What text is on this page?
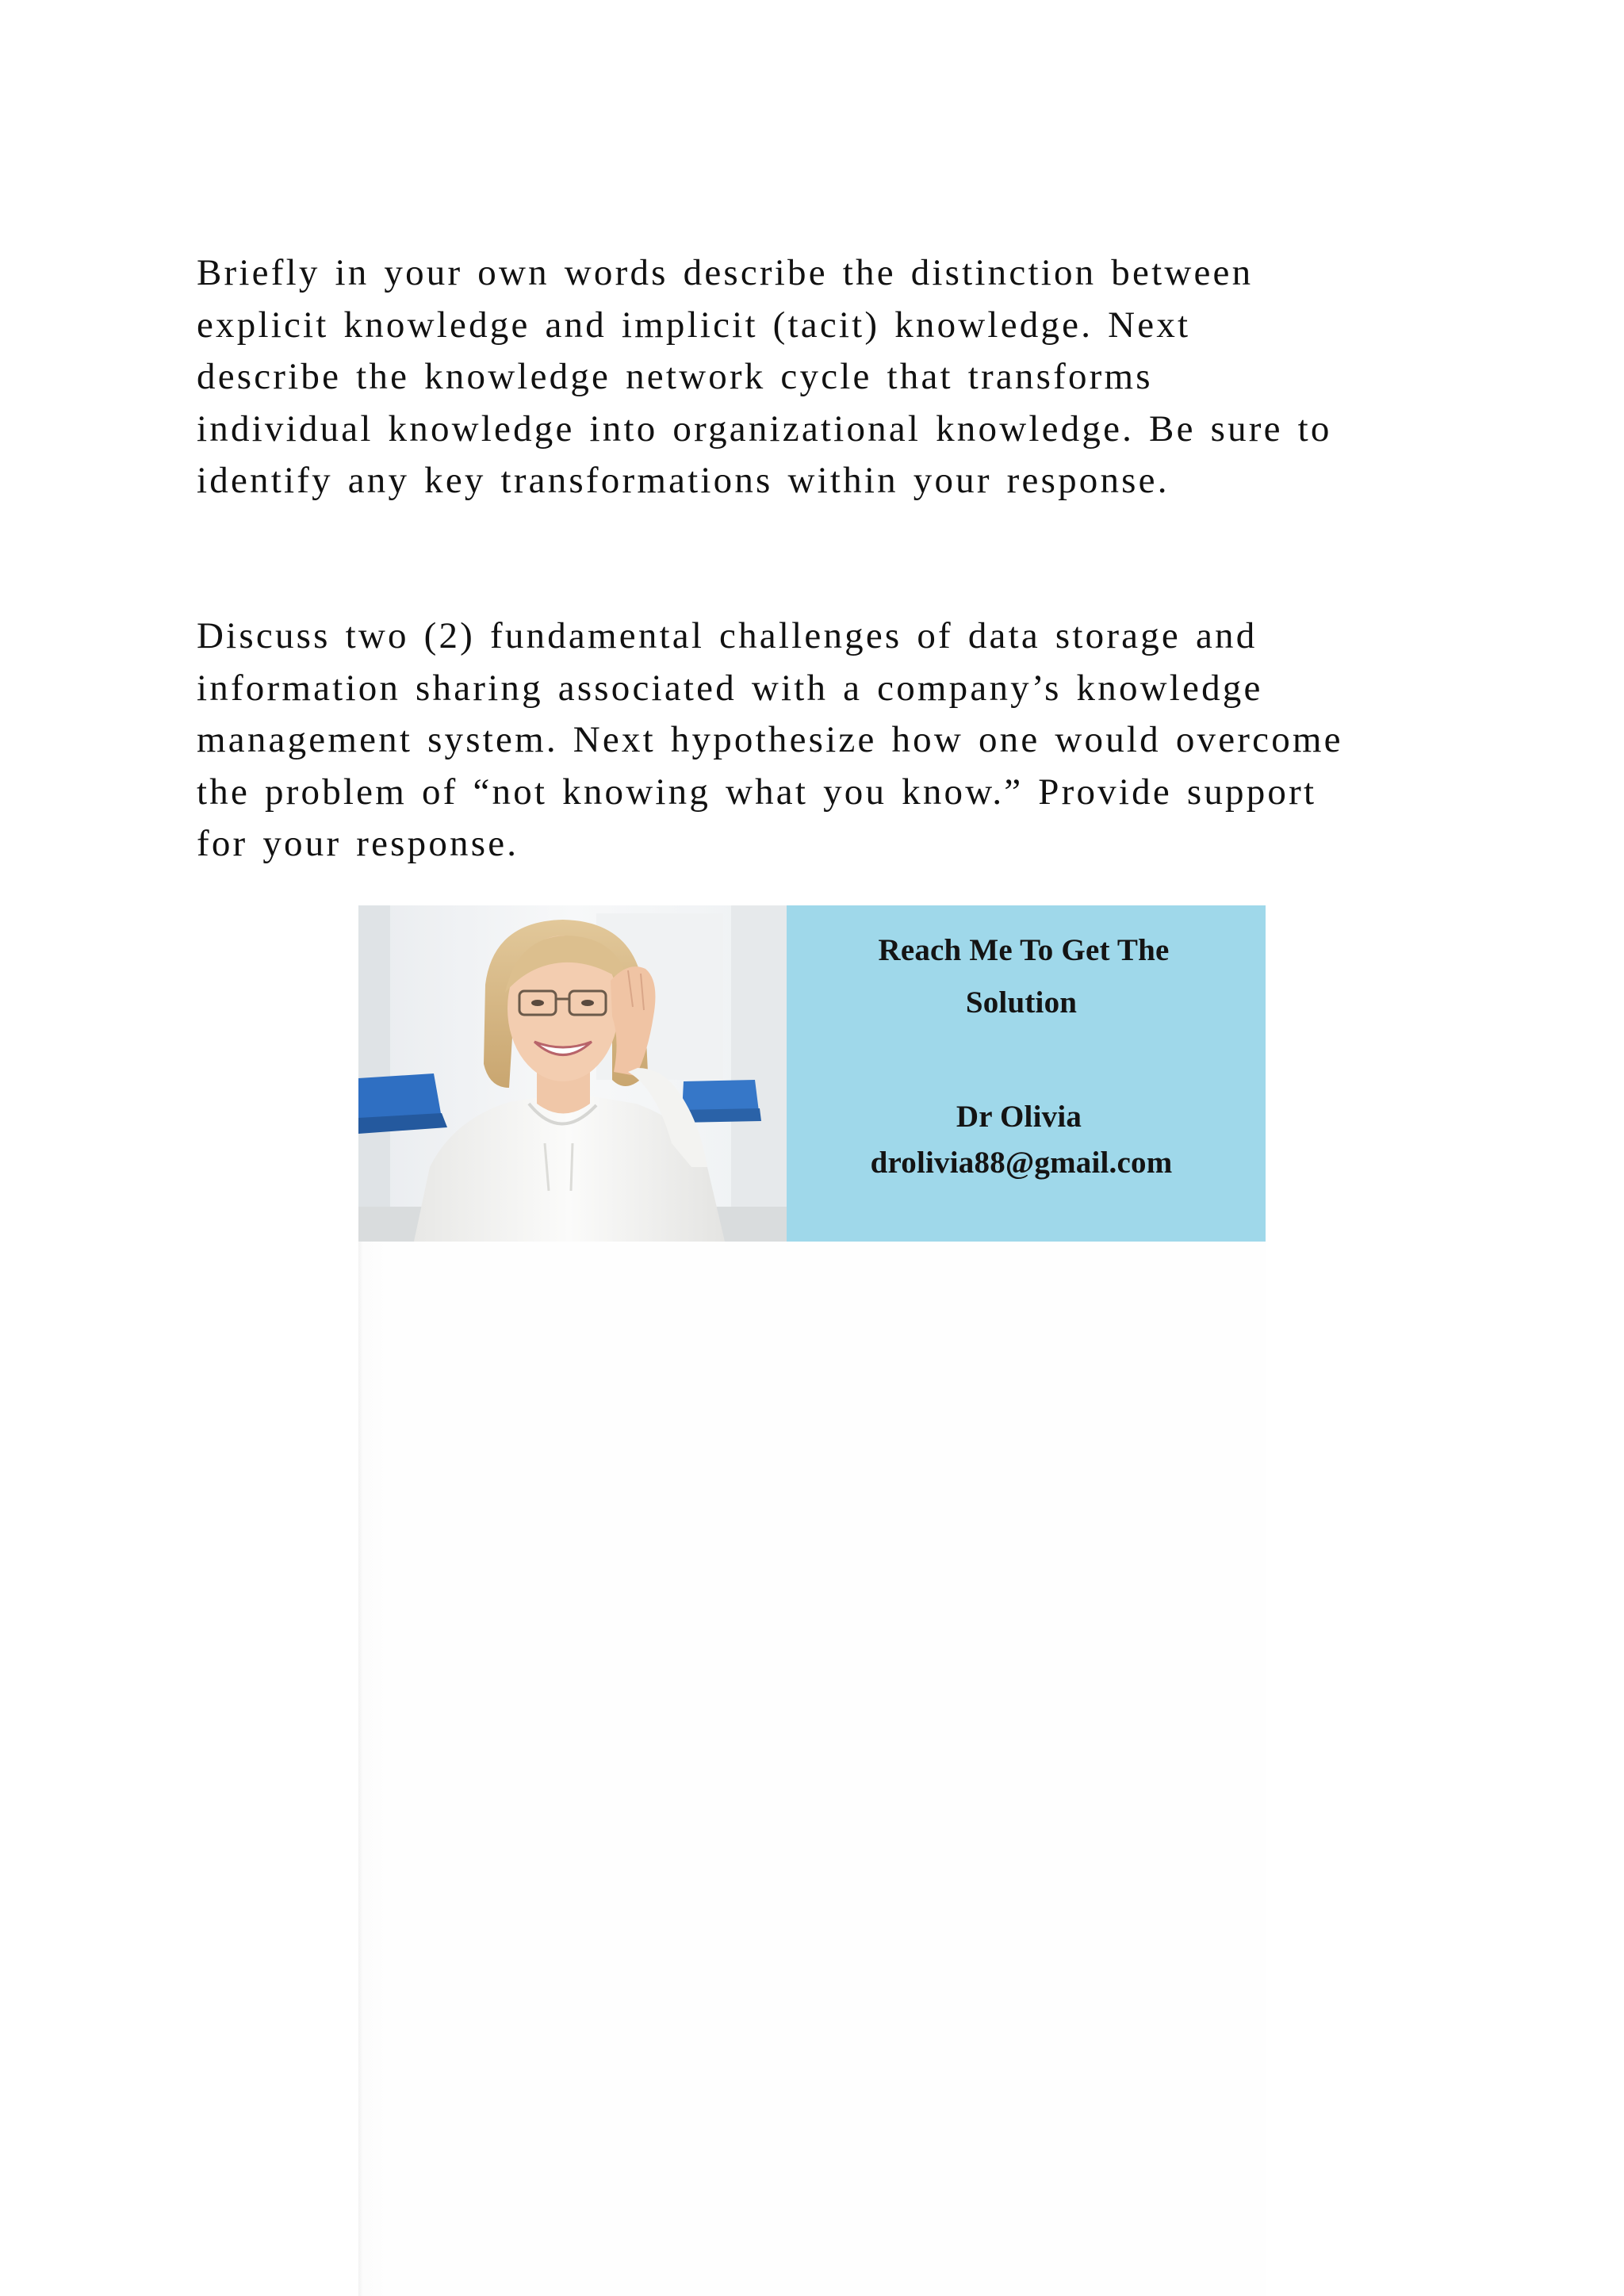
Briefly in your own words describe the distinction between
explicit knowledge and implicit (tacit) knowledge. Next
describe the knowledge network cycle that transforms
individual knowledge into organizational knowledge. Be sure to
identify any key transformations within your response.

Discuss two (2) fundamental challenges of data storage and
information sharing associated with a company’s knowledge
management system. Next hypothesize how one would overcome
the problem of “not knowing what you know.” Provide support
for your response.

Reach Me To Get The
Solution
Dr Olivia
drolivia88@gmail.com
